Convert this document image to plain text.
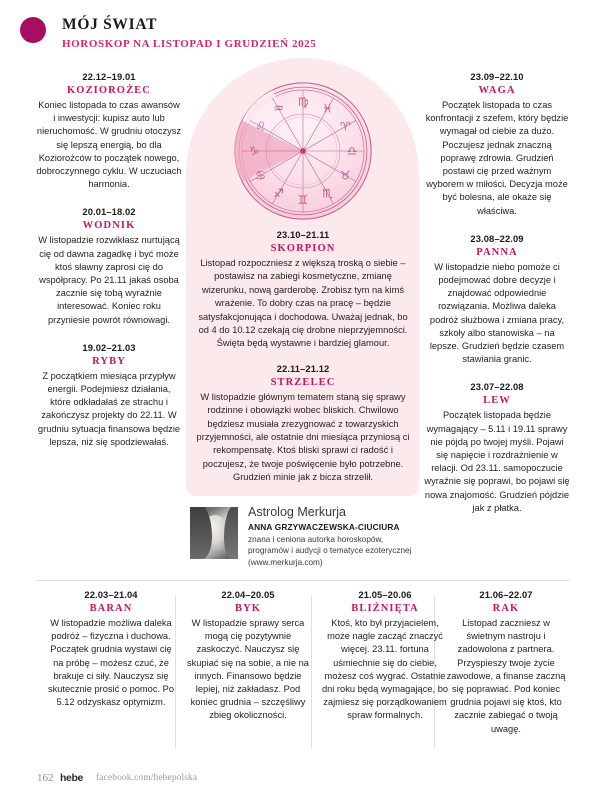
MÓJ ŚWIAT
HOROSKOP NA LISTOPAD I GRUDZIEŃ 2025
♈
♉
♊
♋
♌
♍ ♓
♒
♑
♐ ♏
♎
22.12–19.01
KOZIOROŻEC
Koniec listopada to czas awansów i inwestycji: kupisz auto lub nieruchomość. W grudniu otoczysz się lepszą energią, bo dla Koziorożców to początek nowego, dobroczynnego cyklu. W uczuciach harmonia.
20.01–18.02
WODNIK
W listopadzie rozwikłasz nurtującą cię od dawna zagadkę i być może ktoś sławny zaprosi cię do współpracy. Po 21.11 jakaś osoba zacznie się tobą wyraźnie interesować. Koniec roku przyniesie powrót równowagi.
19.02–21.03
RYBY
Z początkiem miesiąca przypływ energii. Podejmiesz działania, które odkładałaś ze strachu i zakończysz projekty do 22.11. W grudniu sytuacja finansowa będzie lepsza, niż się spodziewałaś.
23.09–22.10
WAGA
Początek listopada to czas konfrontacji z szefem, który będzie wymagał od ciebie za dużo. Poczujesz jednak znaczną poprawę zdrowia. Grudzień postawi cię przed ważnym wyborem w miłości. Decyzja może być bolesna, ale okaże się właściwa.
23.08–22.09
PANNA
W listopadzie niebo pomoże ci podejmować dobre decyzje i znajdować odpowiednie rozwiązania. Możliwa daleka podróż służbowa i zmiana pracy, szkoły albo stanowiska – na lepsze. Grudzień będzie czasem stawiania granic.
23.07–22.08
LEW
Początek listopada będzie wymagający – 5.11 i 19.11 sprawy nie pójdą po twojej myśli. Pojawi się napięcie i rozdrażnienie w relacji. Od 23.11. samopoczucie wyraźnie się poprawi, bo pojawi się nowa znajomość. Grudzień pójdzie jak z płatka.
23.10–21.11
SKORPION
Listopad rozpoczniesz z większą troską o siebie – postawisz na zabiegi kosmetyczne, zmianę wizerunku, nową garderobę. Zrobisz tym na kimś wrażenie. To dobry czas na pracę – będzie satysfakcjonująca i dochodowa. Uważaj jednak, bo od 4 do 10.12 czekają cię drobne nieprzyjemności. Święta będą wystawne i bardziej glamour.
22.11–21.12
STRZELEC
W listopadzie głównym tematem staną się sprawy rodzinne i obowiązki wobec bliskich. Chwilowo będziesz musiała zrezygnować z towarzyskich przyjemności, ale ostatnie dni miesiąca przyniosą ci rekompensatę. Ktoś bliski sprawi ci radość i poczujesz, że twoje poświęcenie było potrzebne. Grudzień minie jak z bicza strzelił.
Astrolog Merkurja
ANNA GRZYWACZEWSKA-CIUCIURA
znana i ceniona autorka horoskopów, programów i audycji o tematyce ezoterycznej (www.merkurja.com)
22.03–21.04
BARAN
W listopadzie możliwa daleka podróż – fizyczna i duchowa. Początek grudnia wystawi cię na próbę – możesz czuć, że brakuje ci siły. Nauczysz się skutecznie prosić o pomoc. Po 5.12 odzyskasz optymizm.
22.04–20.05
BYK
W listopadzie sprawy serca mogą cię pozytywnie zaskoczyć. Nauczysz się skupiać się na sobie, a nie na innych. Finansowo będzie lepiej, niż zakładasz. Pod koniec grudnia – szczęśliwy zbieg okoliczności.
21.05–20.06
BLIŹNIĘTA
Ktoś, kto był przyjacielem, może nagle zacząć znaczyć więcej. 23.11. fortuna uśmiechnie się do ciebie, możesz coś wygrać. Ostatnie dni roku będą wymagające, bo zajmiesz się porządkowaniem spraw formalnych.
21.06–22.07
RAK
Listopad zaczniesz w świetnym nastroju i zadowolona z partnera. Przyspieszy twoje życie zawodowe, a finanse zaczną się poprawiać. Pod koniec grudnia pojawi się ktoś, kto zacznie zabiegać o twoją uwagę.
162 hebe facebook.com/hebepolska
